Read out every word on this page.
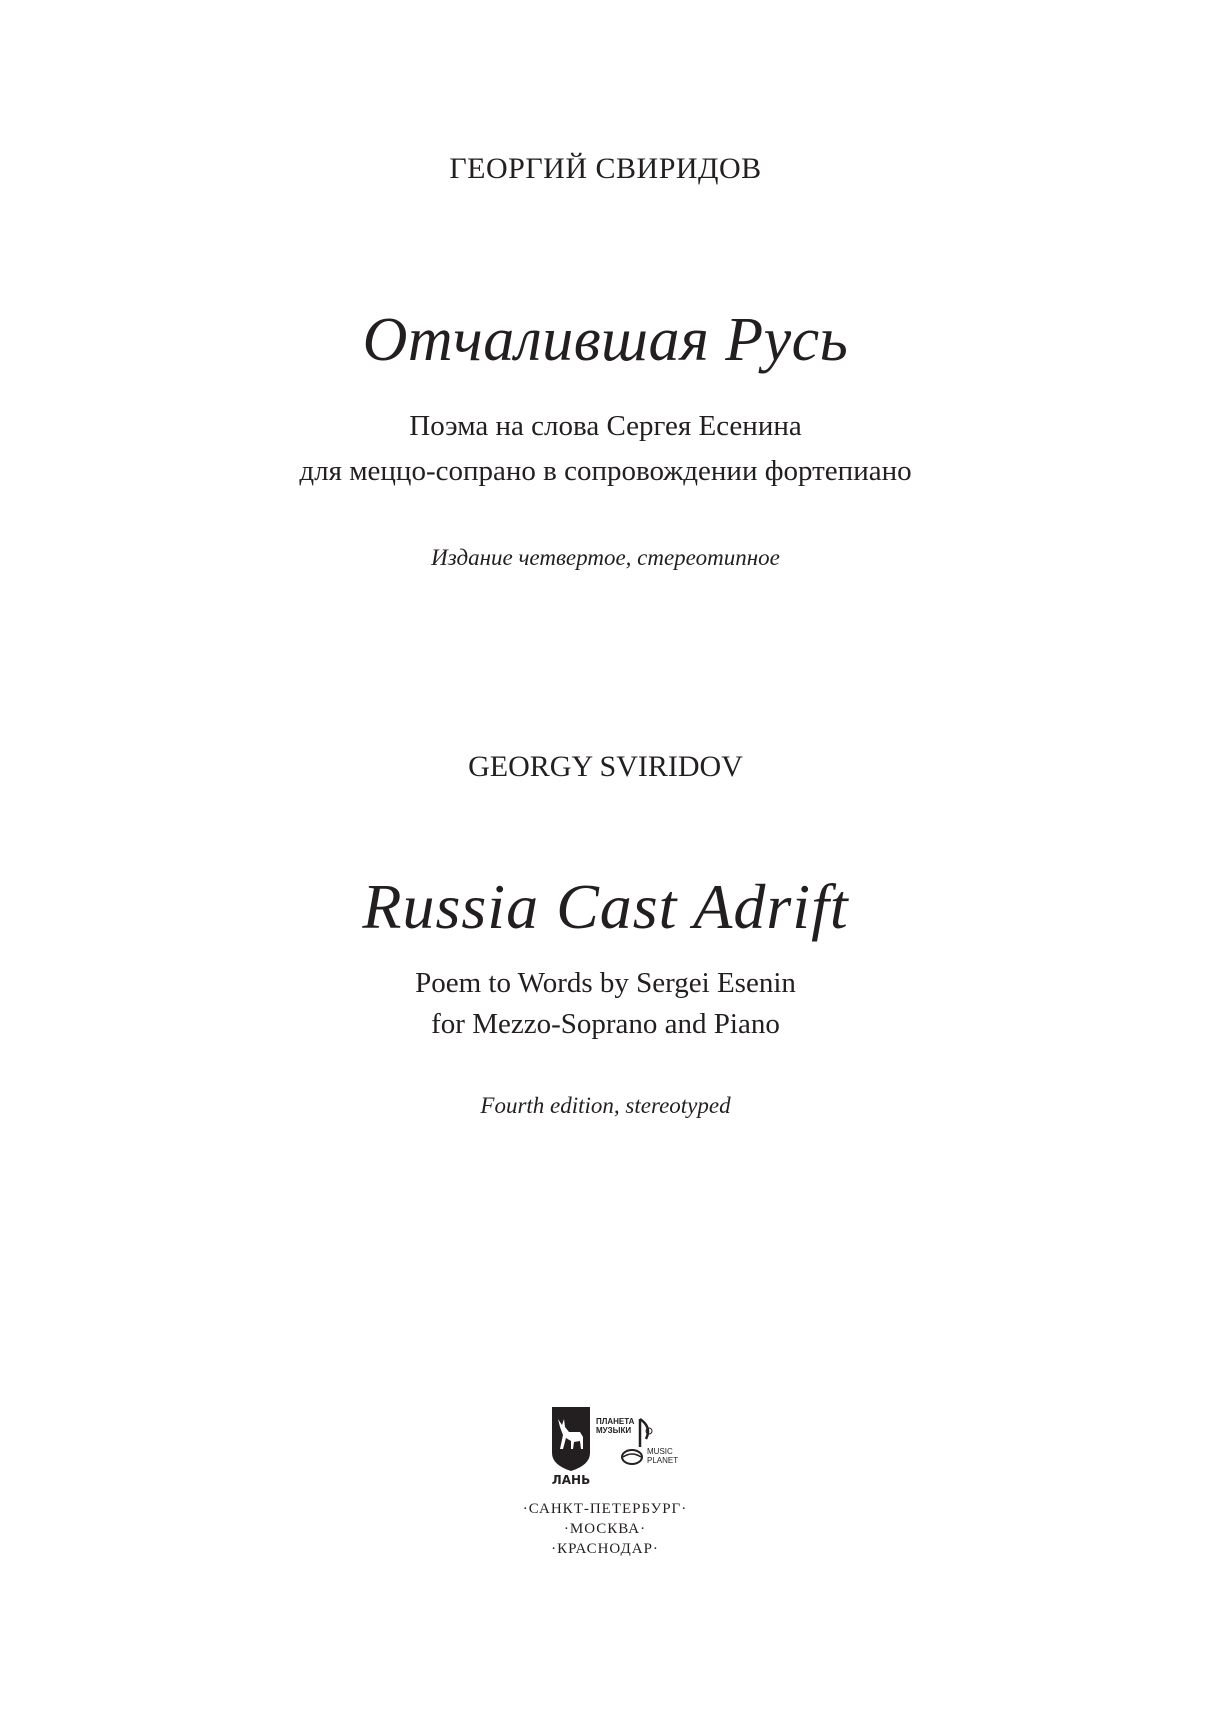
ГЕОРГИЙ СВИРИДОВ
Отчалившая Русь
Поэма на слова Сергея Есенина
для меццо-сопрано в сопровождении фортепиано
Издание четвертое, стереотипное
GEORGY SVIRIDOV
Russia Cast Adrift
Poem to Words by Sergei Esenin
for Mezzo-Soprano and Piano
Fourth edition, stereotyped
ЛАНЬ
ПЛАНЕТА
МУЗЫКИ
MUSIC
PLANET
·САНКТ-ПЕТЕРБУРГ·
·МОСКВА·
·КРАСНОДАР·
